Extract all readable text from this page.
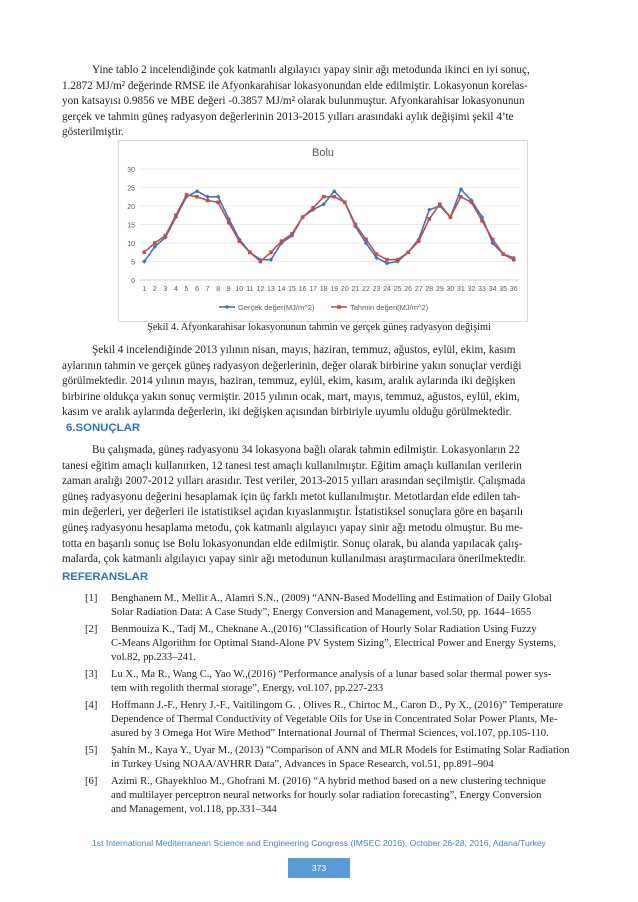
Yine tablo 2 incelendiğinde çok katmanlı algılayıcı yapay sinir ağı metodunda ikinci en iyi sonuç,
1.2872 MJ/m² değerinde RMSE ile Afyonkarahisar lokasyonundan elde edilmiştir. Lokasyonun korelas-
yon katsayısı 0.9856 ve MBE değeri -0.3857 MJ/m² olarak bulunmuştur. Afyonkarahisar lokasyonunun
gerçek ve tahmin güneş radyasyon değerlerinin 2013-2015 yılları arasındaki aylık değişimi şekil 4’te
gösterilmiştir.
Bolu
0
5
10
15
20
25
30
1 2 3 4 5 6 7 8 9 10 11 12 13 14 15 16 17 18 19 20 21 22 23 24 25 26 27 28 29 30 31 32 33 34 35 36
Gerçek değer(MJ/m^2)	Tahmin değeri(MJ/m^2)
Şekil 4. Afyonkarahisar lokasyonunun tahmin ve gerçek güneş radyasyon değişimi
Şekil 4 incelendiğinde 2013 yılının nisan, mayıs, haziran, temmuz, ağustos, eylül, ekim, kasım
aylarının tahmin ve gerçek güneş radyasyon değerlerinin, değer olarak birbirine yakın sonuçlar verdiği
görülmektedir. 2014 yılının mayıs, haziran, temmuz, eylül, ekim, kasım, aralık aylarında iki değişken
birbirine oldukça yakın sonuç vermiştir. 2015 yılının ocak, mart, mayıs, temmuz, ağustos, eylül, ekim,
kasım ve aralık aylarında değerlerin, iki değişken açısından birbiriyle uyumlu olduğu görülmektedir.
6.SONUÇLAR
Bu çalışmada, güneş radyasyonu 34 lokasyona bağlı olarak tahmin edilmiştir. Lokasyonların 22
tanesi eğitim amaçlı kullanırken, 12 tanesi test amaçlı kullanılmıştır. Eğitim amaçlı kullanılan verilerin
zaman aralığı 2007-2012 yılları arasıdır. Test veriler, 2013-2015 yılları arasından seçilmiştir. Çalışmada
güneş radyasyonu değerini hesaplamak için üç farklı metot kullanılmıştır. Metotlardan elde edilen tah-
min değerleri, yer değerleri ile istatistiksel açıdan kıyaslanmıştır. İstatistiksel sonuçlara göre en başarılı
güneş radyasyonu hesaplama metodu, çok katmanlı algılayıcı yapay sinir ağı metodu olmuştur. Bu me-
totta en başarılı sonuç ise Bolu lokasyonundan elde edilmiştir. Sonuç olarak, bu alanda yapılacak çalış-
malarda, çok katmanlı algılayıcı yapay sinir ağı metodunun kullanılması araştırmacılara önerilmektedir.
REFERANSLAR
[1]	Benghanem M., Mellit A., Alamri S.N., (2009) “ANN-Based Modelling and Estimation of Daily Global
Solar Radiation Data: A Case Study”, Energy Conversion and Management, vol.50, pp. 1644–1655
[2]	Benmouiza K., Tadj M., Cheknane A.,(2016) “Classification of Hourly Solar Radiation Using Fuzzy
C-Means Algorithm for Optimal Stand-Alone PV System Sizing”, Electrical Power and Energy Systems,
vol.82, pp.233–241.
[3]	Lu X., Ma R., Wang C., Yao W.,(2016) “Performance analysis of a lunar based solar thermal power sys-
tem with regolith thermal storage”, Energy, vol.107, pp.227-233
[4]	Hoffmann J.-F., Henry J.-F., Vaitilingom G. , Olives R., Chirtoc M., Caron D., Py X., (2016)” Temperature
Dependence of Thermal Conductivity of Vegetable Oils for Use in Concentrated Solar Power Plants, Me-
asured by 3 Omega Hot Wire Method” International Journal of Thermal Sciences, vol.107, pp.105-110.
[5]	Şahin M., Kaya Y., Uyar M., (2013) “Comparison of ANN and MLR Models for Estimating Solar Radiation
in Turkey Using NOAA/AVHRR Data”, Advances in Space Research, vol.51, pp.891–904
[6]	Azimi R., Ghayekhloo M., Ghofrani M. (2016) “A hybrid method based on a new clustering technique
and multilayer perceptron neural networks for hourly solar radiation forecasting”, Energy Conversion
and Management, vol.118, pp.331–344
1st International Mediterranean Science and Engineering Congress (IMSEC 2016), October 26-28, 2016, Adana/Turkey
373
